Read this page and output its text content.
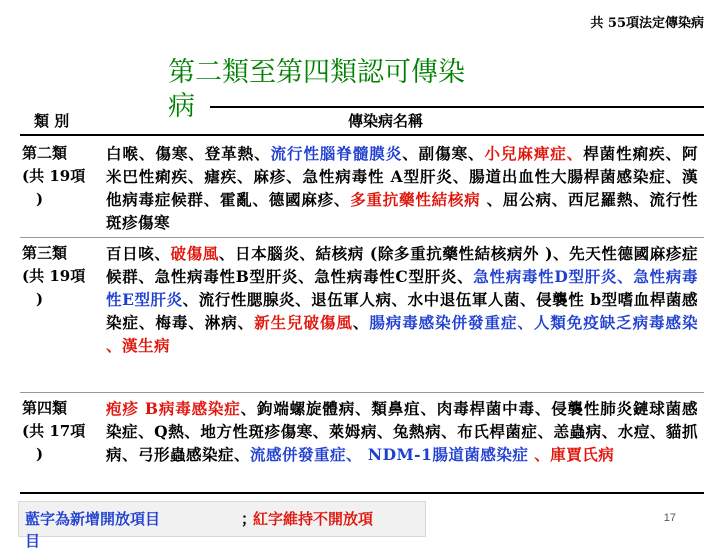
共 55項法定傳染病
第二類至第四類認可傳染
病
類 別	傳染病名稱
第二類
(共 19項
)
白喉、傷寒、登革熱、流行性腦脊髓膜炎、副傷寒、小兒麻痺症、桿菌性痢疾、阿米巴性痢疾、瘧疾、麻疹、急性病毒性 A型肝炎、腸道出血性大腸桿菌感染症、漢他病毒症候群、霍亂、德國麻疹、多重抗藥性結核病 、屈公病、西尼羅熱、流行性斑疹傷寒
第三類
(共 19項
)
百日咳、破傷風、日本腦炎、結核病 (除多重抗藥性結核病外 )、先天性德國麻疹症候群、急性病毒性B型肝炎、急性病毒性C型肝炎、急性病毒性D型肝炎、急性病毒性E型肝炎、流行性腮腺炎、退伍軍人病、水中退伍軍人菌、侵襲性 b型嗜血桿菌感染症、梅毒、淋病、新生兒破傷風、腸病毒感染併發重症、人類免疫缺乏病毒感染 、漢生病
第四類
(共 17項
)
疱疹 B病毒感染症、鉤端螺旋體病、類鼻疽、肉毒桿菌中毒、侵襲性肺炎鏈球菌感染症、Q熱、地方性斑疹傷寒、萊姆病、兔熱病、布氏桿菌症、恙蟲病、水痘、貓抓病、弓形蟲感染症、流感併發重症、 NDM-1腸道菌感染症 、庫賈氏病
藍字為新增開放項目	；
紅字維持不開放項
目
17
